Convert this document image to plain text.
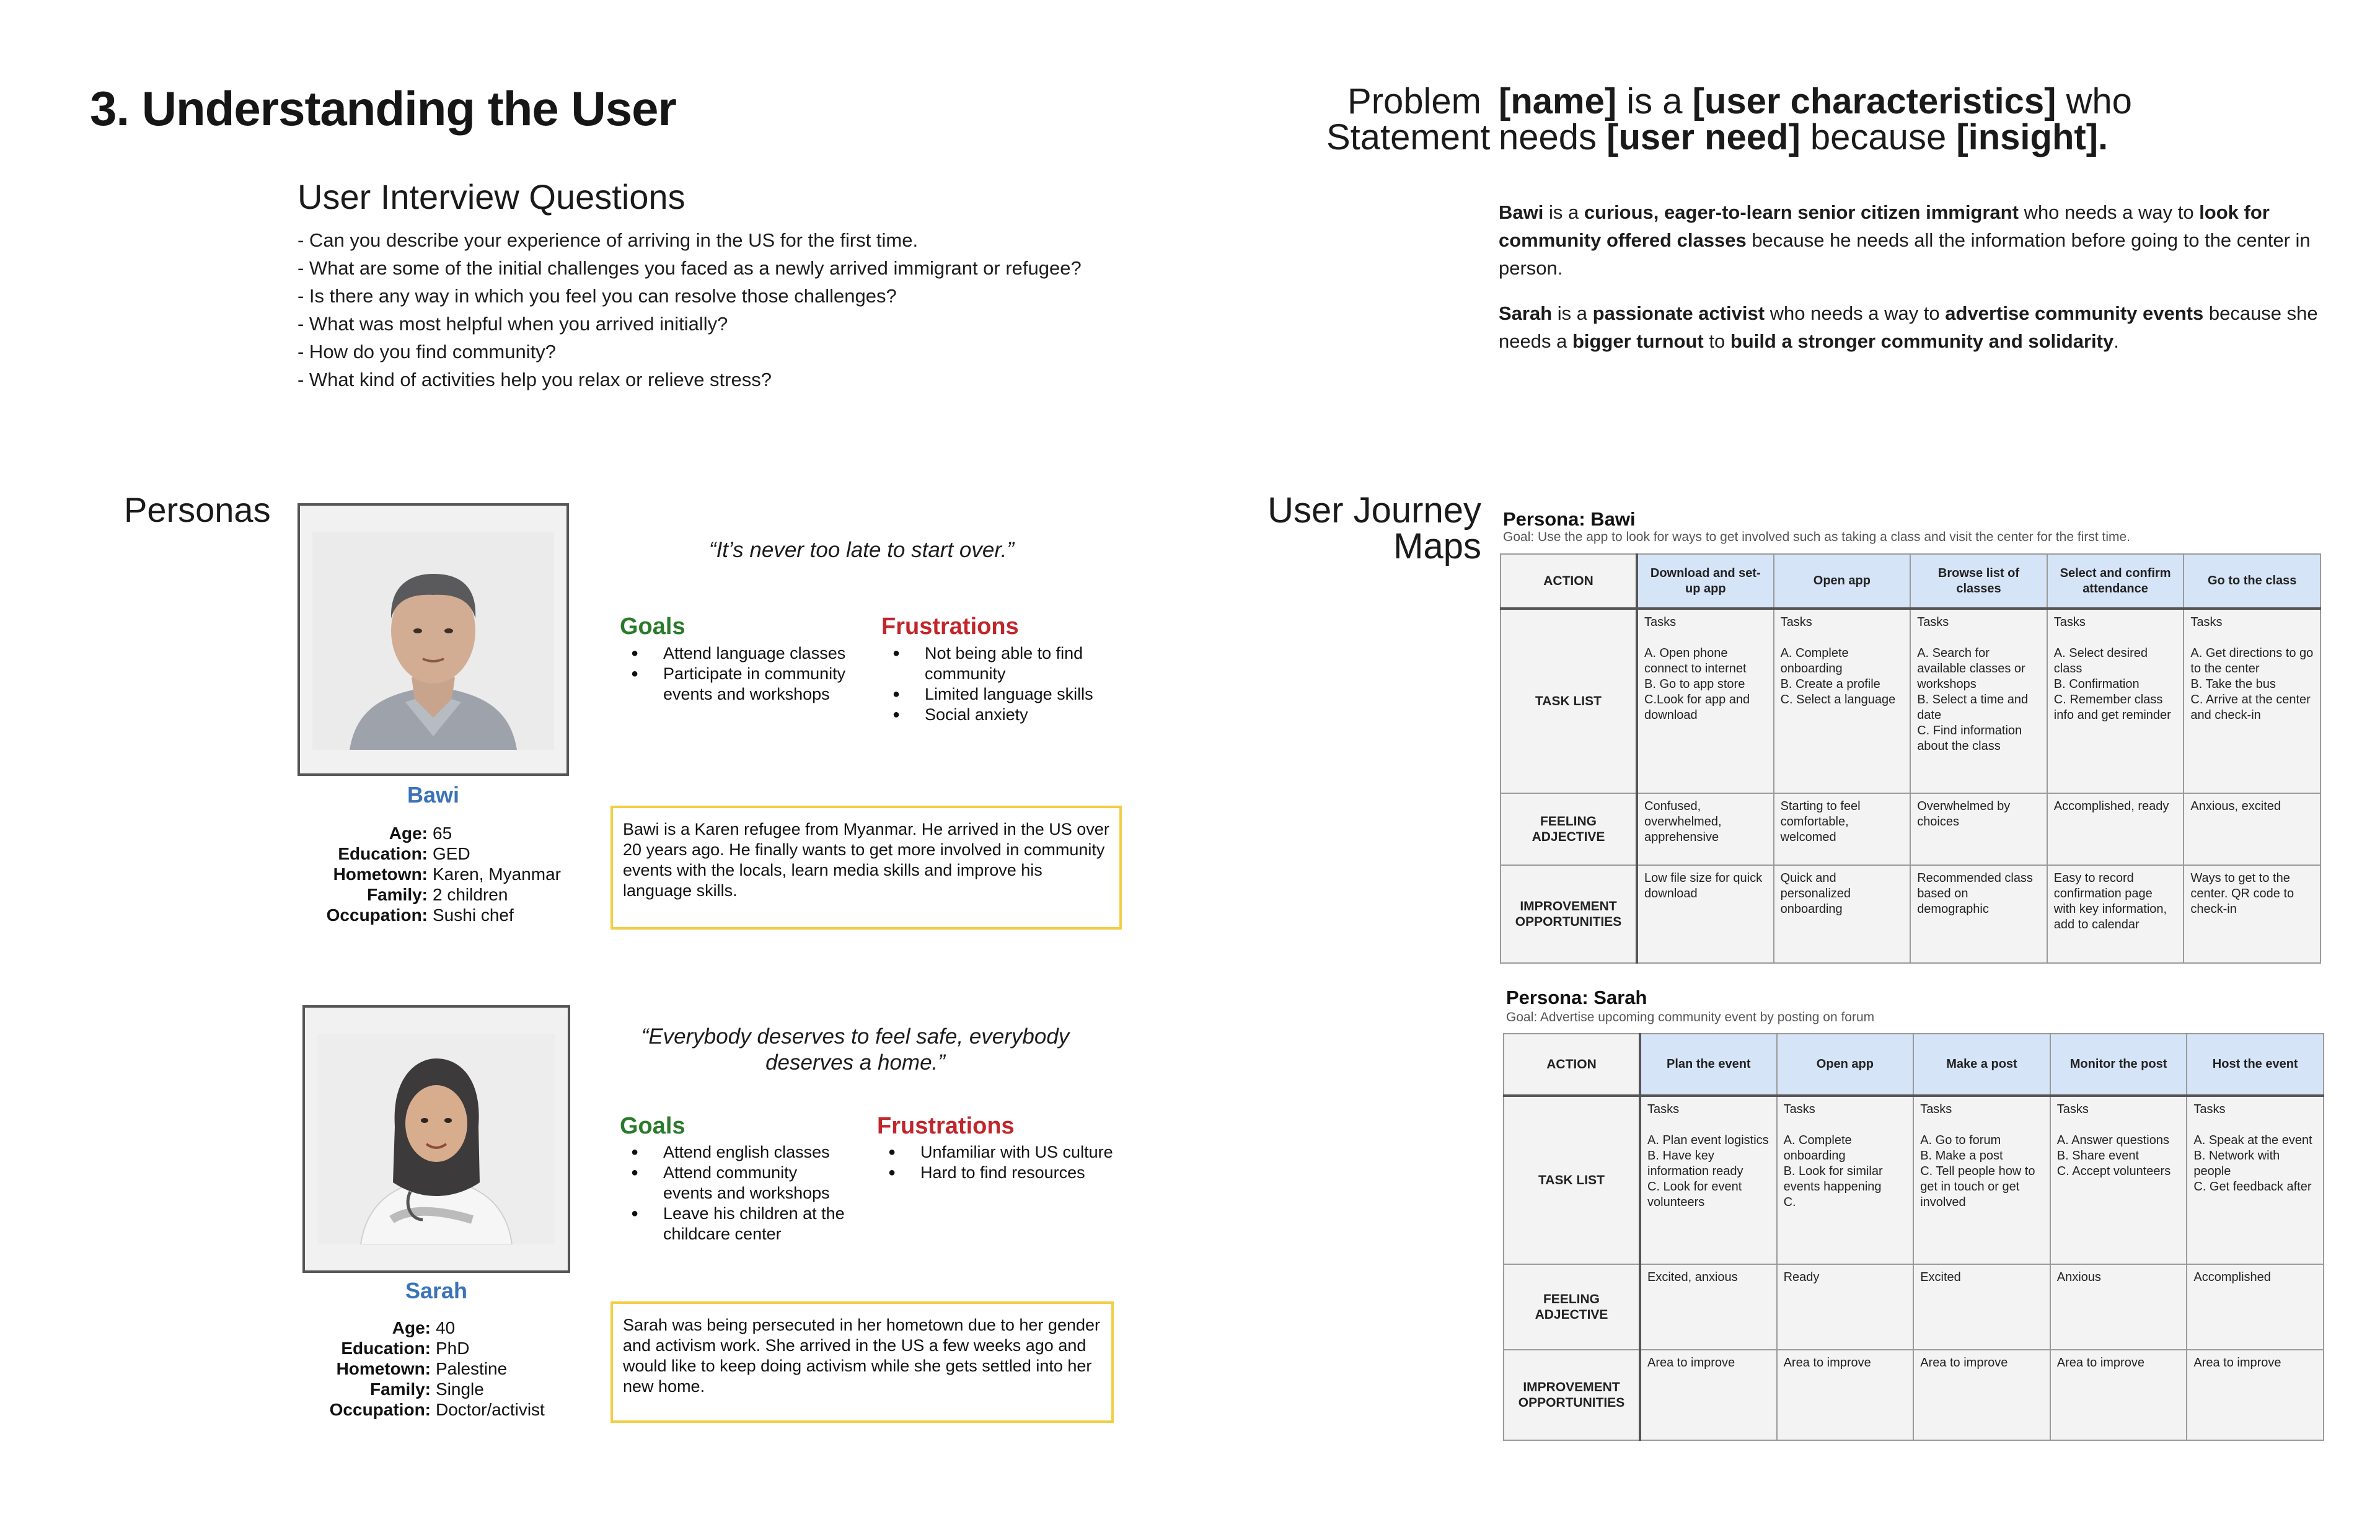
3. Understanding the User
User Interview Questions
- Can you describe your experience of arriving in the US for the first time.
- What are some of the initial challenges you faced as a newly arrived immigrant or refugee?
- Is there any way in which you feel you can resolve those challenges?
- What was most helpful when you arrived initially?
- How do you find community?
- What kind of activities help you relax or relieve stress?
Personas
Bawi
Age: 65
Education: GED
Hometown: Karen, Myanmar
Family: 2 children
Occupation: Sushi chef
“It’s never too late to start over.”
Goals
● Attend language classes
● Participate in community events and workshops
Frustrations
● Not being able to find community
● Limited language skills
● Social anxiety
Bawi is a Karen refugee from Myanmar. He arrived in the US over 20 years ago. He finally wants to get more involved in community events with the locals, learn media skills and improve his language skills.
Sarah
Age: 40
Education: PhD
Hometown: Palestine
Family: Single
Occupation: Doctor/activist
“Everybody deserves to feel safe, everybody deserves a home.”
Goals
● Attend english classes
● Attend community events and workshops
● Leave his children at the childcare center
Frustrations
● Unfamiliar with US culture
● Hard to find resources
Sarah was being persecuted in her hometown due to her gender and activism work. She arrived in the US a few weeks ago and would like to keep doing activism while she gets settled into her new home.
Problem
Statement
[name] is a [user characteristics] who
needs [user need] because [insight].
Bawi is a curious, eager-to-learn senior citizen immigrant who needs a way to look for community offered classes because he needs all the information before going to the center in person.
Sarah is a passionate activist who needs a way to advertise community events because she needs a bigger turnout to build a stronger community and solidarity.
User Journey
Maps
Persona: Bawi
Goal: Use the app to look for ways to get involved such as taking a class and visit the center for the first time.
ACTION	Download and set-up app	Open app	Browse list of classes	Select and confirm attendance	Go to the class
TASK LIST	Tasks
A. Open phone connect to internet
B. Go to app store
C.Look for app and download	Tasks
A. Complete onboarding
B. Create a profile
C. Select a language	Tasks
A. Search for available classes or workshops
B. Select a time and date
C. Find information about the class	Tasks
A. Select desired class
B. Confirmation
C. Remember class info and get reminder	Tasks
A. Get directions to go to the center
B. Take the bus
C. Arrive at the center and check-in
FEELING ADJECTIVE	Confused, overwhelmed, apprehensive	Starting to feel comfortable, welcomed	Overwhelmed by choices	Accomplished, ready	Anxious, excited
IMPROVEMENT OPPORTUNITIES	Low file size for quick download	Quick and personalized onboarding	Recommended class based on demographic	Easy to record confirmation page with key information, add to calendar	Ways to get to the center. QR code to check-in
Persona: Sarah
Goal: Advertise upcoming community event by posting on forum
ACTION	Plan the event	Open app	Make a post	Monitor the post	Host the event
TASK LIST	Tasks
A. Plan event logistics
B. Have key information ready
C. Look for event volunteers	Tasks
A. Complete onboarding
B. Look for similar events happening
C.	Tasks
A. Go to forum
B. Make a post
C. Tell people how to get in touch or get involved	Tasks
A. Answer questions
B. Share event
C. Accept volunteers	Tasks
A. Speak at the event
B. Network with people
C. Get feedback after
FEELING ADJECTIVE	Excited, anxious	Ready	Excited	Anxious	Accomplished
IMPROVEMENT OPPORTUNITIES	Area to improve	Area to improve	Area to improve	Area to improve	Area to improve
